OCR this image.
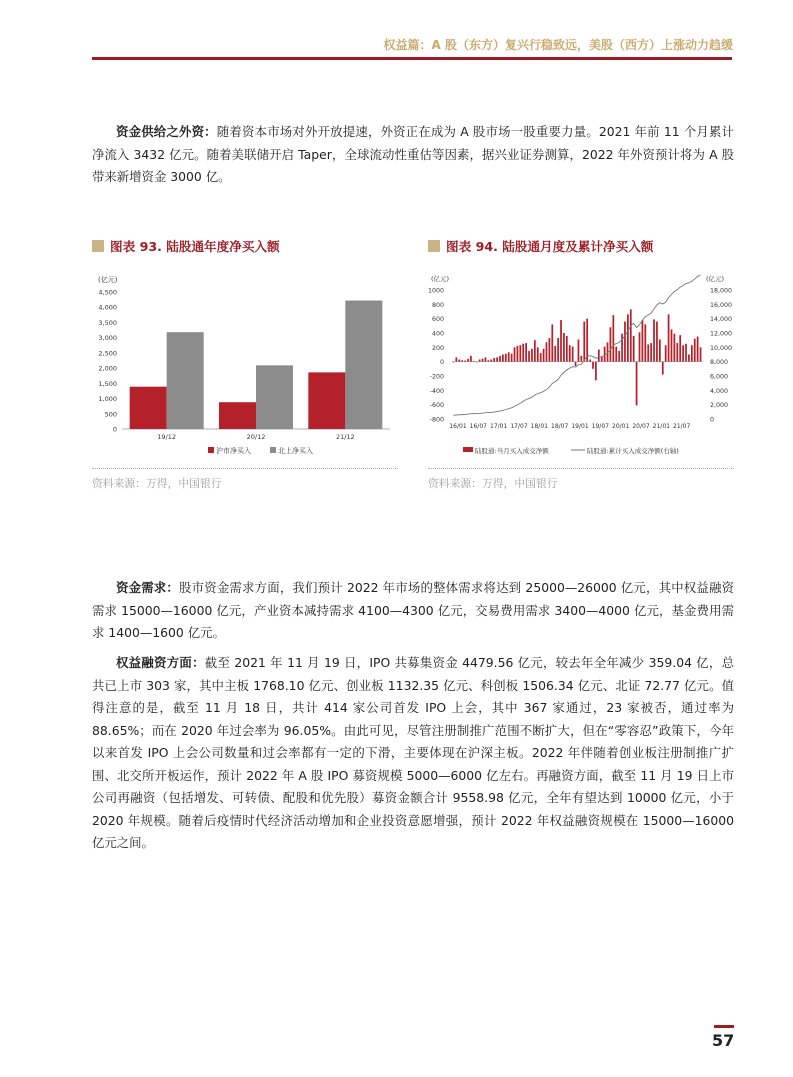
权益篇：A 股（东方）复兴行稳致远，美股（西方）上涨动力趋缓

资金供给之外资：随着资本市场对外开放提速，外资正在成为 A 股市场一股重要力量。2021 年前 11 个月累计净流入 3432 亿元。随着美联储开启 Taper，全球流动性重估等因素，据兴业证券测算，2022 年外资预计将为 A 股带来新增资金 3000 亿。

图表 93. 陆股通年度净买入额	图表 94. 陆股通月度及累计净买入额
(亿元)
0
500
1,000
1,500
2,000
2,500
3,000
3,500
4,000
4,500
19/12	20/12	21/12
沪市净买入	北上净买入
(亿元)	(亿元)
-800
-600
-400
-200
0
200
400
600
800
1000
0
2,000
4,000
6,000
8,000
10,000
12,000
14,000
16,000
18,000
16/01 16/07 17/01 17/07 18/01 18/07 19/01 19/07 20/01 20/07 21/01 21/07
陆股通:当月买入成交净额	陆股通:累计买入成交净额(右轴)
资料来源：万得，中国银行	资料来源：万得，中国银行

资金需求：股市资金需求方面，我们预计 2022 年市场的整体需求将达到 25000—26000 亿元，其中权益融资需求 15000—16000 亿元，产业资本减持需求 4100—4300 亿元，交易费用需求 3400—4000 亿元，基金费用需求 1400—1600 亿元。

权益融资方面：截至 2021 年 11 月 19 日，IPO 共募集资金 4479.56 亿元，较去年全年减少 359.04 亿，总共已上市 303 家，其中主板 1768.10 亿元、创业板 1132.35 亿元、科创板 1506.34 亿元、北证 72.77 亿元。值得注意的是，截至 11 月 18 日，共计 414 家公司首发 IPO 上会，其中 367 家通过，23 家被否，通过率为 88.65%；而在 2020 年过会率为 96.05%。由此可见，尽管注册制推广范围不断扩大，但在“零容忍”政策下，今年以来首发 IPO 上会公司数量和过会率都有一定的下滑，主要体现在沪深主板。2022 年伴随着创业板注册制推广扩围、北交所开板运作，预计 2022 年 A 股 IPO 募资规模 5000—6000 亿左右。再融资方面，截至 11 月 19 日上市公司再融资（包括增发、可转债、配股和优先股）募资金额合计 9558.98 亿元，全年有望达到 10000 亿元，小于 2020 年规模。随着后疫情时代经济活动增加和企业投资意愿增强，预计 2022 年权益融资规模在 15000—16000 亿元之间。

57
